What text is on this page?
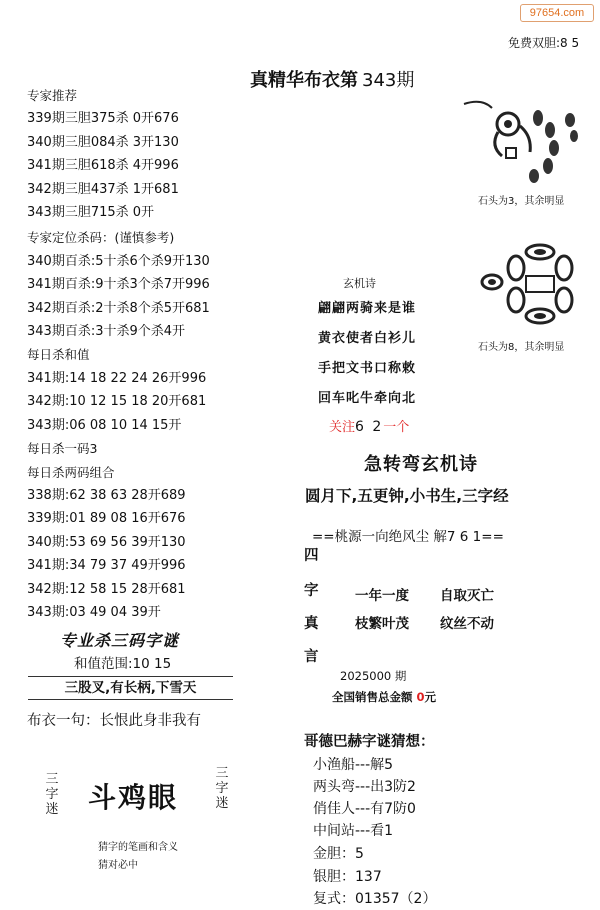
97654.com
免费双胆:8 5
真精华布衣第 343期
专家推荐
339期三胆375杀 0开676
340期三胆084杀 3开130
341期三胆618杀 4开996
342期三胆437杀 1开681
343期三胆715杀 0开
专家定位杀码：(谨慎参考)
340期百杀:5十杀6个杀9开130
341期百杀:9十杀3个杀7开996
342期百杀:2十杀8个杀5开681
343期百杀:3十杀9个杀4开
每日杀和值
341期:14 18 22 24 26开996
342期:10 12 15 18 20开681
343期:06 08 10 14 15开
每日杀一码3
每日杀两码组合
338期:62 38 63 28开689
339期:01 89 08 16开676
340期:53 69 56 39开130
341期:34 79 37 49开996
342期:12 58 15 28开681
343期:03 49 04 39开
专业杀三码字谜
和值范围:10 15
三股叉,有长柄,下雪天
布衣一句：长恨此身非我有
三
字
迷 斗鸡眼
三
字
迷
猜字的笔画和含义
猜对必中
石头为3，其余明显
石头为8，其余明显
玄机诗
翩翩两骑来是谁
黄衣使者白衫儿
手把文书口称敕
回车叱牛牵向北
关注6 2一个
急转弯玄机诗
圆月下,五更钟,小书生,三字经
==桃源一向绝风尘 解7 6 1==
四
字
真
言
一年一度 自取灭亡
枝繁叶茂 纹丝不动
2025000 期
全国销售总金额 0元
哥德巴赫字谜猜想：
小渔船---解5
两头弯---出3防2
俏佳人---有7防0
中间站---看1
金胆：5
银胆：137
复式：01357（2）
